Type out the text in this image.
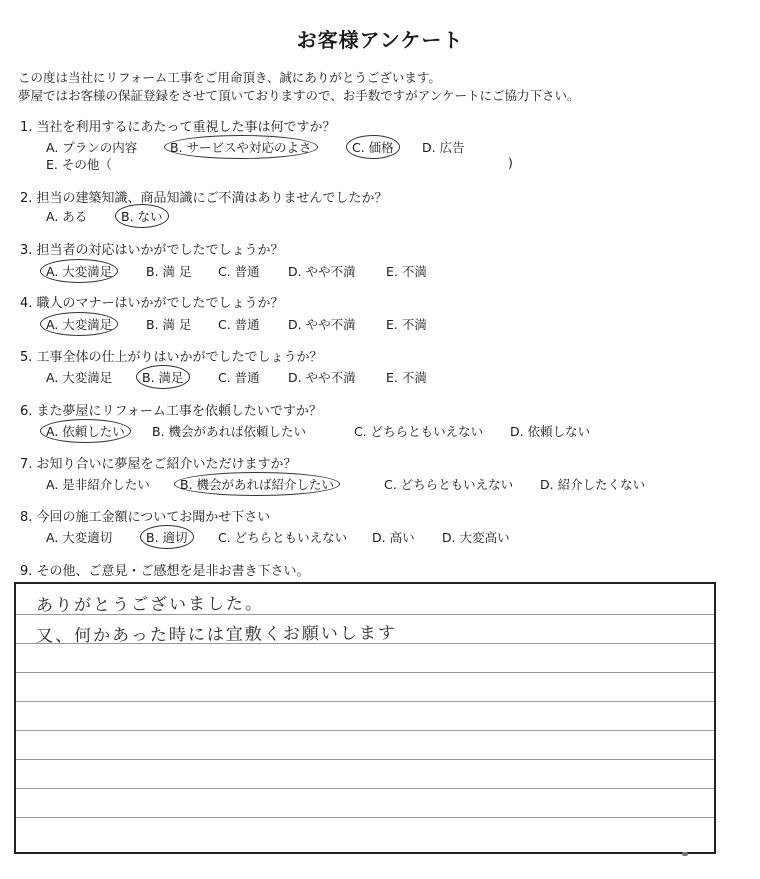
お客様アンケート
この度は当社にリフォーム工事をご用命頂き、誠にありがとうございます。
夢屋ではお客様の保証登録をさせて頂いておりますので、お手数ですがアンケートにご協力下さい。
1. 当社を利用するにあたって重視した事は何ですか？
A. プランの内容	B. サービスや対応のよさ	C. 価格	D. 広告
E. その他（	)
2. 担当の建築知識、商品知識にご不満はありませんでしたか？
A. ある	B. ない
3. 担当者の対応はいかがでしたでしょうか？
A. 大変満足	B. 満 足 C. 普通 D. やや不満 E. 不満
4. 職人のマナーはいかがでしたでしょうか？
A. 大変満足	B. 満 足 C. 普通 D. やや不満 E. 不満
5. 工事全体の仕上がりはいかがでしたでしょうか？
A. 大変満足	B. 満足	C. 普通 D. やや不満 E. 不満
6. また夢屋にリフォーム工事を依頼したいですか？
A. 依頼したい	B. 機会があれば依頼したい	C. どちらともいえない D. 依頼しない
7. お知り合いに夢屋をご紹介いただけますか？
A. 是非紹介したい	B. 機会があれば紹介したい	C. どちらともいえない D. 紹介したくない
8. 今回の施工金額についてお聞かせ下さい
A. 大変適切	B. 適切	C. どちらともいえない D. 高い D. 大変高い
9. その他、ご意見・ご感想を是非お書き下さい。
ありがとうございました。
又、何かあった時には宜敷くお願いします
